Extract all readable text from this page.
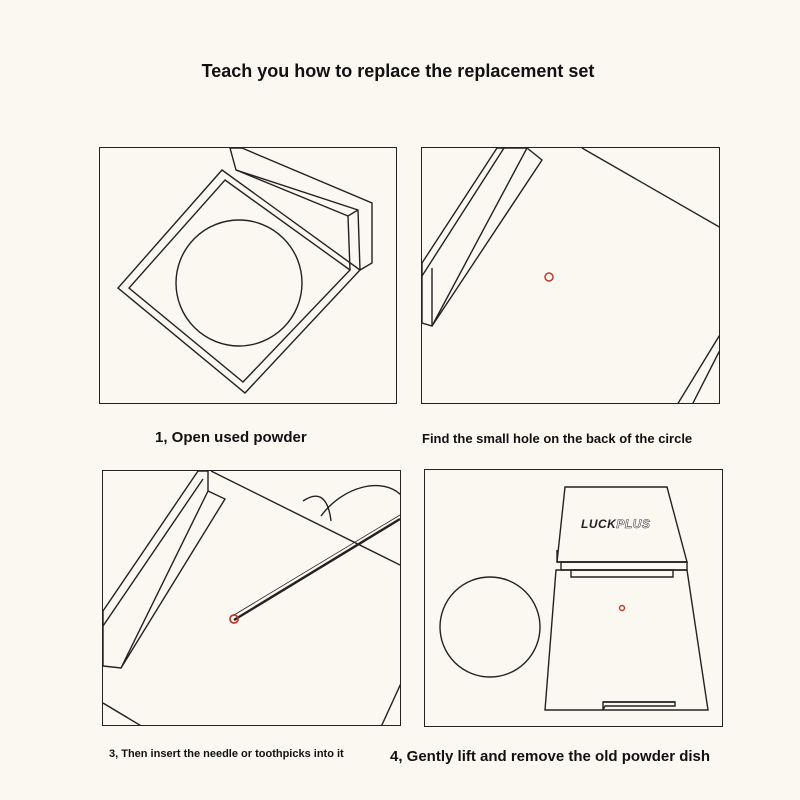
Teach you how to replace the replacement set
LUCKPLUS
1, Open used powder	Find the small hole on the back of the circle
3, Then insert the needle or toothpicks into it	4, Gently lift and remove the old powder dish
